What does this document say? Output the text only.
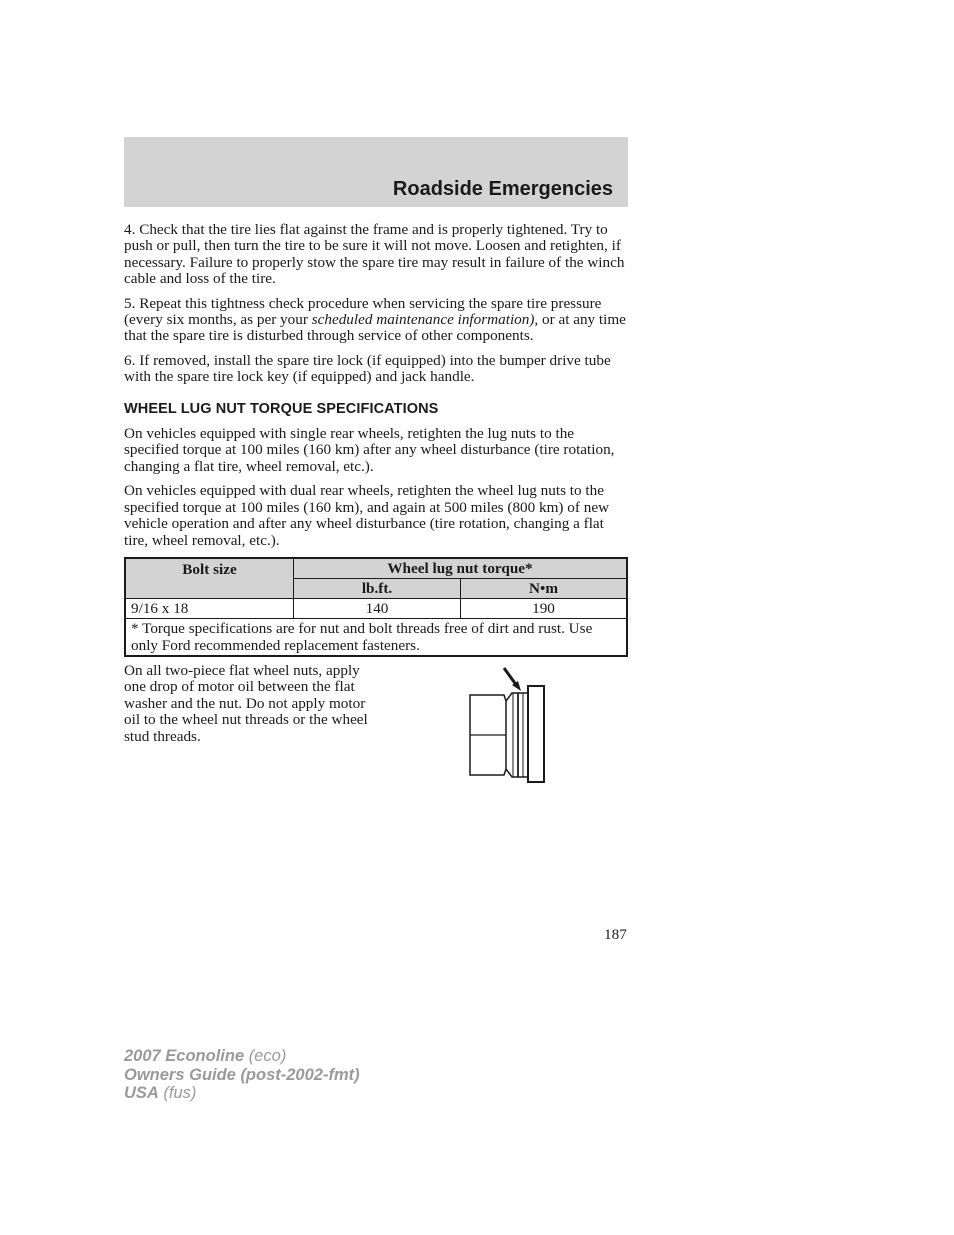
Roadside Emergencies

4. Check that the tire lies flat against the frame and is properly tightened. Try to push or pull, then turn the tire to be sure it will not move. Loosen and retighten, if necessary. Failure to properly stow the spare tire may result in failure of the winch cable and loss of the tire.

5. Repeat this tightness check procedure when servicing the spare tire pressure (every six months, as per your scheduled maintenance information), or at any time that the spare tire is disturbed through service of other components.

6. If removed, install the spare tire lock (if equipped) into the bumper drive tube with the spare tire lock key (if equipped) and jack handle.

WHEEL LUG NUT TORQUE SPECIFICATIONS

On vehicles equipped with single rear wheels, retighten the lug nuts to the specified torque at 100 miles (160 km) after any wheel disturbance (tire rotation, changing a flat tire, wheel removal, etc.).

On vehicles equipped with dual rear wheels, retighten the wheel lug nuts to the specified torque at 100 miles (160 km), and again at 500 miles (800 km) of new vehicle operation and after any wheel disturbance (tire rotation, changing a flat tire, wheel removal, etc.).

Bolt size	Wheel lug nut torque*	
	lb.ft.	N•m
9/16 x 18	140	190
* Torque specifications are for nut and bolt threads free of dirt and rust. Use only Ford recommended replacement fasteners.		
On all two-piece flat wheel nuts, apply one drop of motor oil between the flat washer and the nut. Do not apply motor oil to the wheel nut threads or the wheel stud threads.
187
2007 Econoline (eco)
Owners Guide (post-2002-fmt)
USA (fus)
